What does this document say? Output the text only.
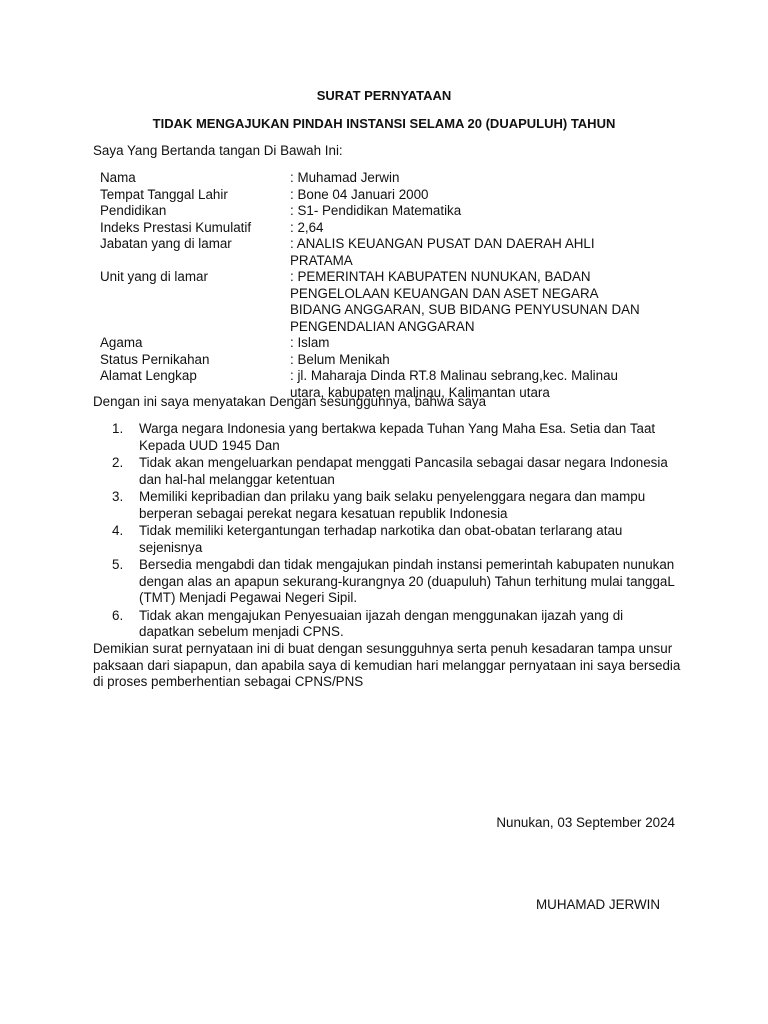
SURAT PERNYATAAN

TIDAK MENGAJUKAN PINDAH INSTANSI SELAMA 20 (DUAPULUH) TAHUN

Saya Yang Bertanda tangan Di Bawah Ini:

Nama	: Muhamad Jerwin
Tempat Tanggal Lahir	: Bone 04 Januari 2000
Pendidikan	: S1- Pendidikan Matematika
Indeks Prestasi Kumulatif	: 2,64
Jabatan yang di lamar	: ANALIS KEUANGAN PUSAT DAN DAERAH AHLI PRATAMA
Unit yang di lamar	: PEMERINTAH KABUPATEN NUNUKAN, BADAN PENGELOLAAN KEUANGAN DAN ASET NEGARA BIDANG ANGGARAN, SUB BIDANG PENYUSUNAN DAN PENGENDALIAN ANGGARAN
Agama	: Islam
Status Pernikahan	: Belum Menikah
Alamat Lengkap	: jl. Maharaja Dinda RT.8 Malinau sebrang,kec. Malinau utara, kabupaten malinau, Kalimantan utara

Dengan ini saya menyatakan Dengan sesungguhnya, bahwa saya

1.	Warga negara Indonesia yang bertakwa kepada Tuhan Yang Maha Esa. Setia dan Taat Kepada UUD 1945 Dan
2.	Tidak akan mengeluarkan pendapat menggati Pancasila sebagai dasar negara Indonesia dan hal-hal melanggar ketentuan
3.	Memiliki kepribadian dan prilaku yang baik selaku penyelenggara negara dan mampu berperan sebagai perekat negara kesatuan republik Indonesia
4.	Tidak memiliki ketergantungan terhadap narkotika dan obat-obatan terlarang atau sejenisnya
5.	Bersedia mengabdi dan tidak mengajukan pindah instansi pemerintah kabupaten nunukan dengan alas an apapun sekurang-kurangnya 20 (duapuluh) Tahun terhitung mulai tanggaL (TMT) Menjadi Pegawai Negeri Sipil.
6.	Tidak akan mengajukan Penyesuaian ijazah dengan menggunakan ijazah yang di dapatkan sebelum menjadi CPNS.

Demikian surat pernyataan ini di buat dengan sesungguhnya serta penuh kesadaran tampa unsur paksaan dari siapapun, dan apabila saya di kemudian hari melanggar pernyataan ini saya bersedia di proses pemberhentian sebagai CPNS/PNS

Nunukan, 03 September 2024

MUHAMAD JERWIN
